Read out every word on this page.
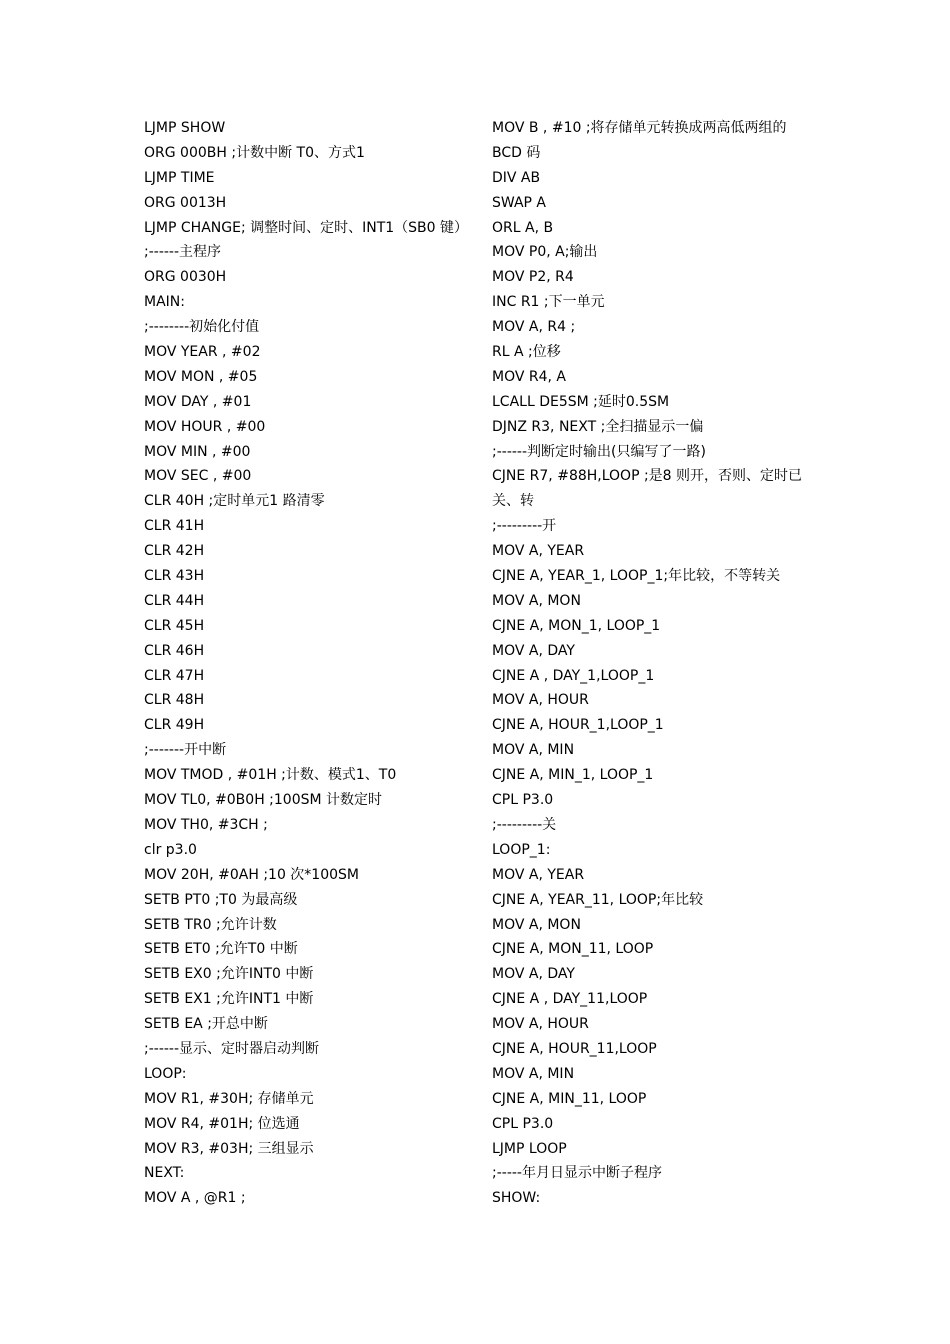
LJMP SHOW
ORG 000BH ;计数中断 T0、方式1
LJMP TIME
ORG 0013H
LJMP CHANGE; 调整时间、定时、INT1（SB0 键）
;------主程序
ORG 0030H
MAIN:
;--------初始化付值
MOV YEAR , #02
MOV MON , #05
MOV DAY , #01
MOV HOUR , #00
MOV MIN , #00
MOV SEC , #00
CLR 40H ;定时单元1 路清零
CLR 41H
CLR 42H
CLR 43H
CLR 44H
CLR 45H
CLR 46H
CLR 47H
CLR 48H
CLR 49H
;-------开中断
MOV TMOD , #01H ;计数、模式1、T0
MOV TL0, #0B0H ;100SM 计数定时
MOV TH0, #3CH ;
clr p3.0
MOV 20H, #0AH ;10 次*100SM
SETB PT0 ;T0 为最高级
SETB TR0 ;允许计数
SETB ET0 ;允许T0 中断
SETB EX0 ;允许INT0 中断
SETB EX1 ;允许INT1 中断
SETB EA ;开总中断
;------显示、定时器启动判断
LOOP:
MOV R1, #30H; 存储单元
MOV R4, #01H; 位选通
MOV R3, #03H; 三组显示
NEXT:
MOV A , @R1 ;
MOV B , #10 ;将存储单元转换成两高低两组的
BCD 码
DIV AB
SWAP A
ORL A, B
MOV P0, A;输出
MOV P2, R4
INC R1 ;下一单元
MOV A, R4 ;
RL A ;位移
MOV R4, A
LCALL DE5SM ;延时0.5SM
DJNZ R3, NEXT ;全扫描显示一偏
;------判断定时输出(只编写了一路)
CJNE R7, #88H,LOOP ;是8 则开，否则、定时已
关、转
;---------开
MOV A, YEAR
CJNE A, YEAR_1, LOOP_1;年比较，不等转关
MOV A, MON
CJNE A, MON_1, LOOP_1
MOV A, DAY
CJNE A , DAY_1,LOOP_1
MOV A, HOUR
CJNE A, HOUR_1,LOOP_1
MOV A, MIN
CJNE A, MIN_1, LOOP_1
CPL P3.0
;---------关
LOOP_1:
MOV A, YEAR
CJNE A, YEAR_11, LOOP;年比较
MOV A, MON
CJNE A, MON_11, LOOP
MOV A, DAY
CJNE A , DAY_11,LOOP
MOV A, HOUR
CJNE A, HOUR_11,LOOP
MOV A, MIN
CJNE A, MIN_11, LOOP
CPL P3.0
LJMP LOOP
;-----年月日显示中断子程序
SHOW:
